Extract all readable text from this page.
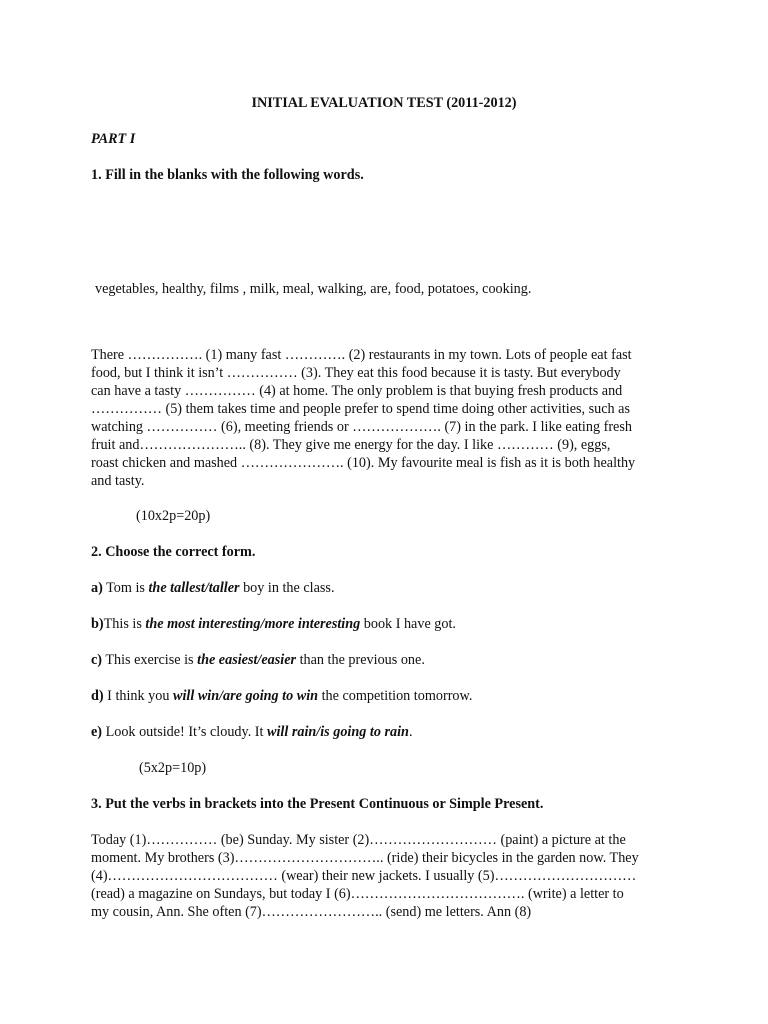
INITIAL EVALUATION TEST (2011-2012)
PART I
1. Fill in the blanks with the following words.
vegetables, healthy, films , milk, meal, walking, are, food, potatoes, cooking.
There ……………. (1) many fast …………. (2) restaurants in my town. Lots of people eat fast
food, but I think it isn’t …………… (3). They eat this food because it is tasty. But everybody
can have a tasty …………… (4) at home. The only problem is that buying fresh products and
…………… (5) them takes time and people prefer to spend time doing other activities, such as
watching …………… (6), meeting friends or ………………. (7) in the park. I like eating fresh
fruit and………………….. (8). They give me energy for the day. I like ………… (9), eggs,
roast chicken and mashed …………………. (10). My favourite meal is fish as it is both healthy
and tasty.
(10x2p=20p)
2. Choose the correct form.
a) Tom is the tallest/taller boy in the class.
b)This is the most interesting/more interesting book I have got.
c) This exercise is the easiest/easier than the previous one.
d) I think you will win/are going to win the competition tomorrow.
e) Look outside! It’s cloudy. It will rain/is going to rain.
(5x2p=10p)
3. Put the verbs in brackets into the Present Continuous or Simple Present.
Today (1)…………… (be) Sunday. My sister (2)……………………… (paint) a picture at the
moment. My brothers (3)………………………….. (ride) their bicycles in the garden now. They
(4)……………………………… (wear) their new jackets. I usually (5)…………………………
(read) a magazine on Sundays, but today I (6)………………………………. (write) a letter to
my cousin, Ann. She often (7)…………………….. (send) me letters. Ann (8)
